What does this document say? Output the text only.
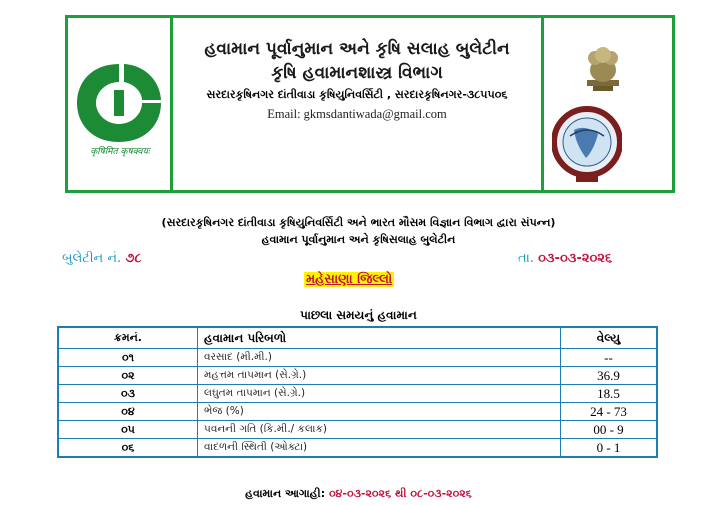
कृषिमित कृषक्वयः
હવામાન પૂર્વાનુમાન અને કૃષિ સલાહ બુલેટીન
કૃષિ હવામાનશાસ્ત્ર વિભાગ
સરદારકૃષિનગર દાંતીવાડા કૃષિયુનિવર્સિટી , સરદારકૃષિનગર-૩૮૫૫૦૬
Email: gkmsdantiwada@gmail.com
(સરદારકૃષિનગર દાંતીવાડા કૃષિયુનિવર્સિટી અને ભારત મૌસમ વિજ્ઞાન વિભાગ દ્વારા સંપન્ન)
હવામાન પૂર્વાનુમાન અને કૃષિસલાહ બુલેટીન
બુલેટીન નં. ૭૮	તા. ૦૩-૦૩-૨૦૨૬
મહેસાણા જિલ્લો
પાછલા સમયનું હવામાન
ક્રમનં.	હવામાન પરિબળો	વેલ્યુ
૦૧	વરસાદ (મી.મી.)	--
૦૨	મહત્તમ તાપમાન (સે.ગ્રે.)	36.9
૦૩	લઘુતમ તાપમાન (સે.ગ્રે.)	18.5
૦૪	ભેજ (%)	24 - 73
૦૫	પવનની ગતિ (કિ.મી./ કલાક)	00 - 9
૦૬	વાદળની સ્થિતી (ઓક્ટા)	0 - 1
હવામાન આગાહી: ૦૪-૦૩-૨૦૨૬ થી ૦૮-૦૩-૨૦૨૬
